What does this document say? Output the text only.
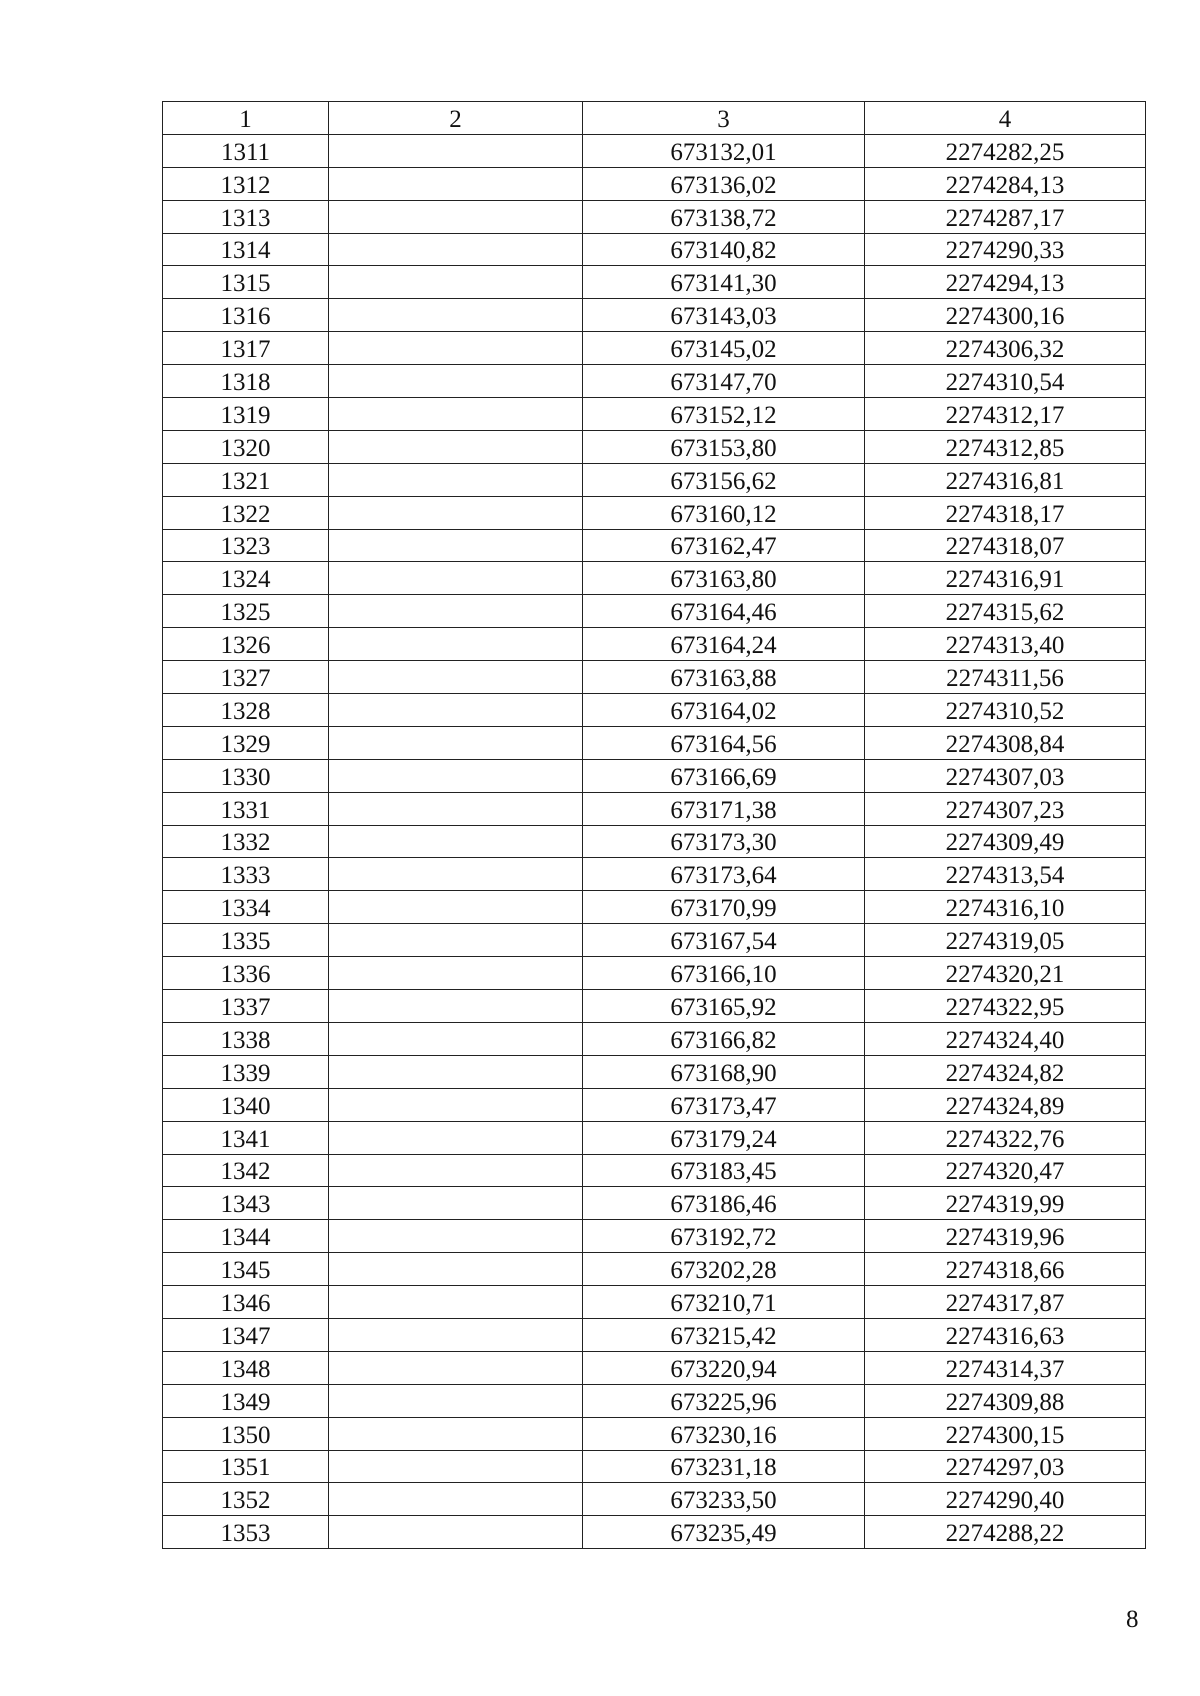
1	2	3	4
1311		673132,01	2274282,25
1312		673136,02	2274284,13
1313		673138,72	2274287,17
1314		673140,82	2274290,33
1315		673141,30	2274294,13
1316		673143,03	2274300,16
1317		673145,02	2274306,32
1318		673147,70	2274310,54
1319		673152,12	2274312,17
1320		673153,80	2274312,85
1321		673156,62	2274316,81
1322		673160,12	2274318,17
1323		673162,47	2274318,07
1324		673163,80	2274316,91
1325		673164,46	2274315,62
1326		673164,24	2274313,40
1327		673163,88	2274311,56
1328		673164,02	2274310,52
1329		673164,56	2274308,84
1330		673166,69	2274307,03
1331		673171,38	2274307,23
1332		673173,30	2274309,49
1333		673173,64	2274313,54
1334		673170,99	2274316,10
1335		673167,54	2274319,05
1336		673166,10	2274320,21
1337		673165,92	2274322,95
1338		673166,82	2274324,40
1339		673168,90	2274324,82
1340		673173,47	2274324,89
1341		673179,24	2274322,76
1342		673183,45	2274320,47
1343		673186,46	2274319,99
1344		673192,72	2274319,96
1345		673202,28	2274318,66
1346		673210,71	2274317,87
1347		673215,42	2274316,63
1348		673220,94	2274314,37
1349		673225,96	2274309,88
1350		673230,16	2274300,15
1351		673231,18	2274297,03
1352		673233,50	2274290,40
1353		673235,49	2274288,22
8
